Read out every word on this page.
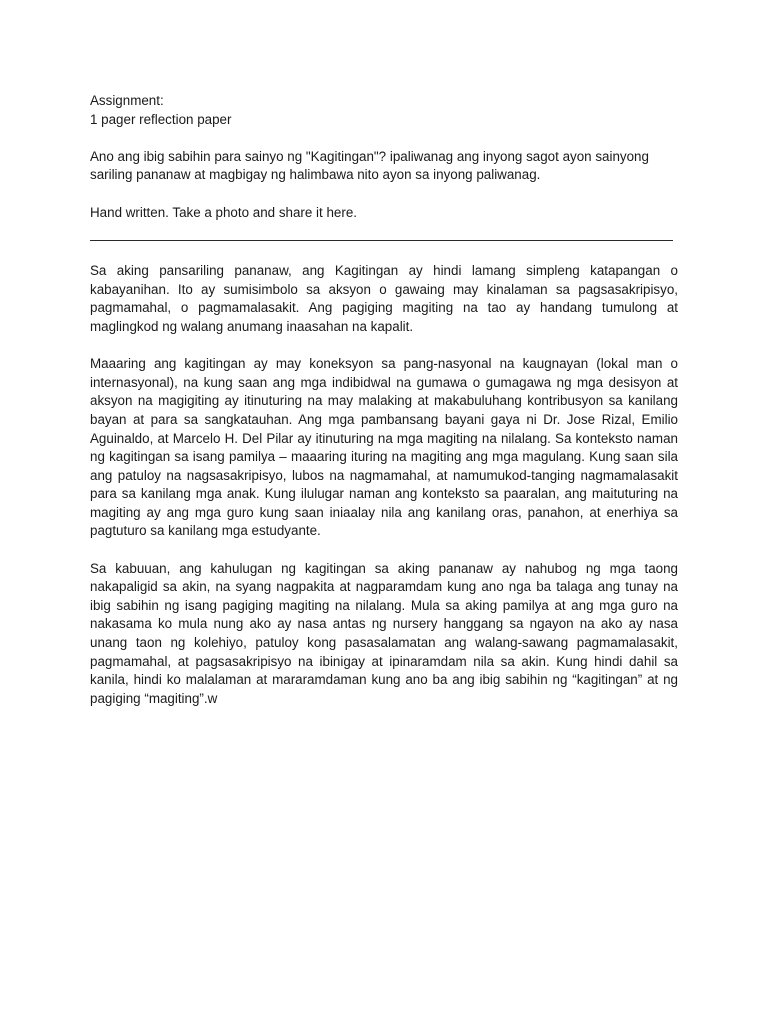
Assignment:

1 pager reflection paper

Ano ang ibig sabihin para sainyo ng "Kagitingan"? ipaliwanag ang inyong sagot ayon sainyong sariling pananaw at magbigay ng halimbawa nito ayon sa inyong paliwanag.

Hand written. Take a photo and share it here.

Sa aking pansariling pananaw, ang Kagitingan ay hindi lamang simpleng katapangan o kabayanihan. Ito ay sumisimbolo sa aksyon o gawaing may kinalaman sa pagsasakripisyo, pagmamahal, o pagmamalasakit. Ang pagiging magiting na tao ay handang tumulong at maglingkod ng walang anumang inaasahan na kapalit.

Maaaring ang kagitingan ay may koneksyon sa pang-nasyonal na kaugnayan (lokal man o internasyonal), na kung saan ang mga indibidwal na gumawa o gumagawa ng mga desisyon at aksyon na magigiting ay itinuturing na may malaking at makabuluhang kontribusyon sa kanilang bayan at para sa sangkatauhan. Ang mga pambansang bayani gaya ni Dr. Jose Rizal, Emilio Aguinaldo, at Marcelo H. Del Pilar ay itinuturing na mga magiting na nilalang. Sa konteksto naman ng kagitingan sa isang pamilya – maaaring ituring na magiting ang mga magulang. Kung saan sila ang patuloy na nagsasakripisyo, lubos na nagmamahal, at namumukod-tanging nagmamalasakit para sa kanilang mga anak. Kung ilulugar naman ang konteksto sa paaralan, ang maituturing na magiting ay ang mga guro kung saan iniaalay nila ang kanilang oras, panahon, at enerhiya sa pagtuturo sa kanilang mga estudyante.

Sa kabuuan, ang kahulugan ng kagitingan sa aking pananaw ay nahubog ng mga taong nakapaligid sa akin, na syang nagpakita at nagparamdam kung ano nga ba talaga ang tunay na ibig sabihin ng isang pagiging magiting na nilalang. Mula sa aking pamilya at ang mga guro na nakasama ko mula nung ako ay nasa antas ng nursery hanggang sa ngayon na ako ay nasa unang taon ng kolehiyo, patuloy kong pasasalamatan ang walang-sawang pagmamalasakit, pagmamahal, at pagsasakripisyo na ibinigay at ipinaramdam nila sa akin. Kung hindi dahil sa kanila, hindi ko malalaman at mararamdaman kung ano ba ang ibig sabihin ng “kagitingan” at ng pagiging “magiting”.w
